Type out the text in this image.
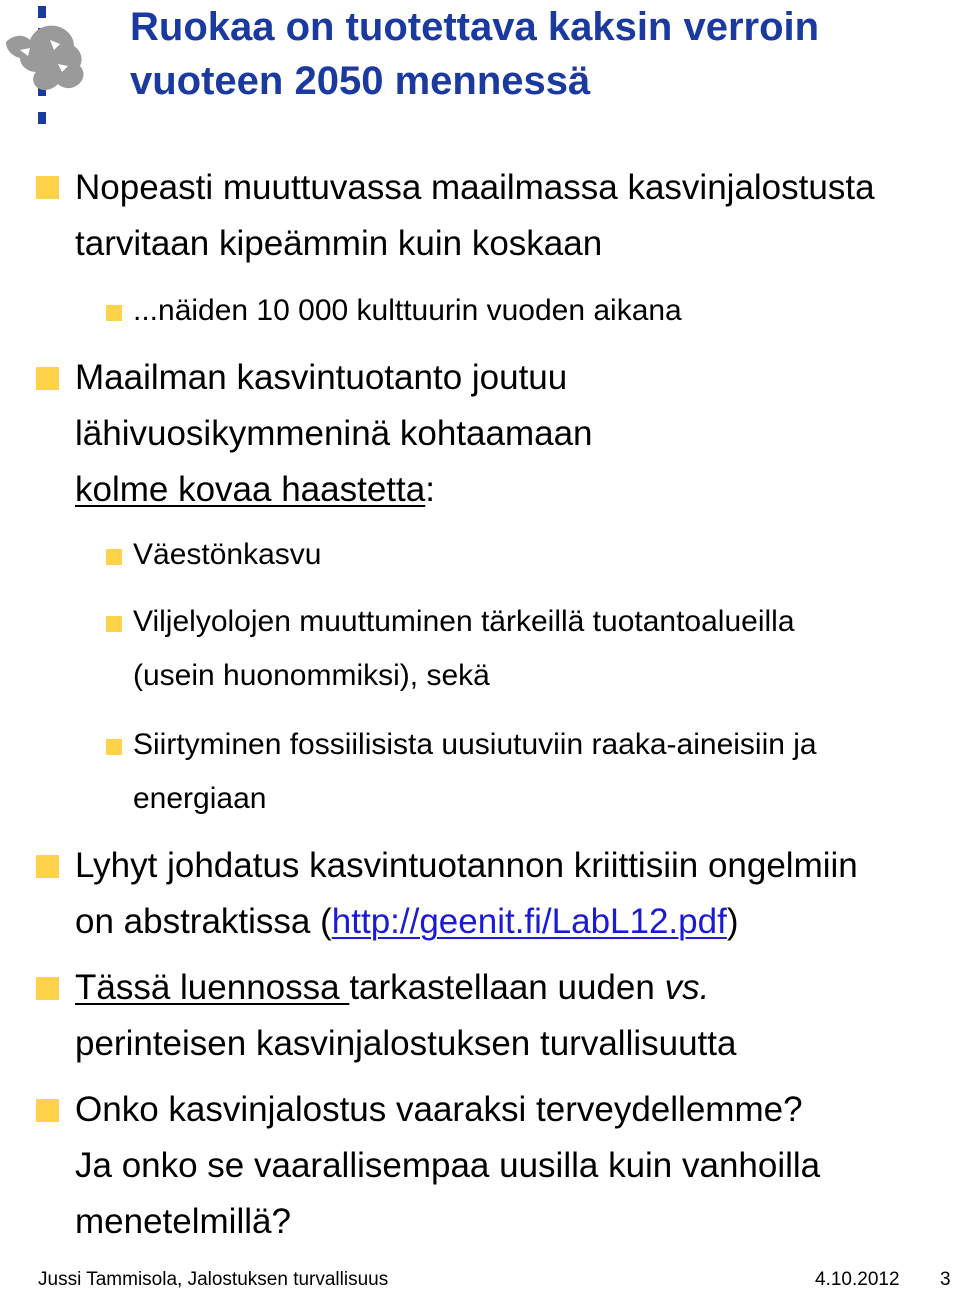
Ruokaa on tuotettava kaksin verroin
vuoteen 2050 mennessä

Nopeasti muuttuvassa maailmassa kasvinjalostusta
tarvitaan kipeämmin kuin koskaan

...näiden 10 000 kulttuurin vuoden aikana

Maailman kasvintuotanto joutuu
lähivuosikymmeninä kohtaamaan
kolme kovaa haastetta:

Väestönkasvu

Viljelyolojen muuttuminen tärkeillä tuotantoalueilla
(usein huonommiksi), sekä

Siirtyminen fossiilisista uusiutuviin raaka-aineisiin ja
energiaan

Lyhyt johdatus kasvintuotannon kriittisiin ongelmiin
on abstraktissa (http://geenit.fi/LabL12.pdf)

Tässä luennossa tarkastellaan uuden vs.
perinteisen kasvinjalostuksen turvallisuutta

Onko kasvinjalostus vaaraksi terveydellemme?
Ja onko se vaarallisempaa uusilla kuin vanhoilla
menetelmillä?

Jussi Tammisola, Jalostuksen turvallisuus	4.10.2012 3
